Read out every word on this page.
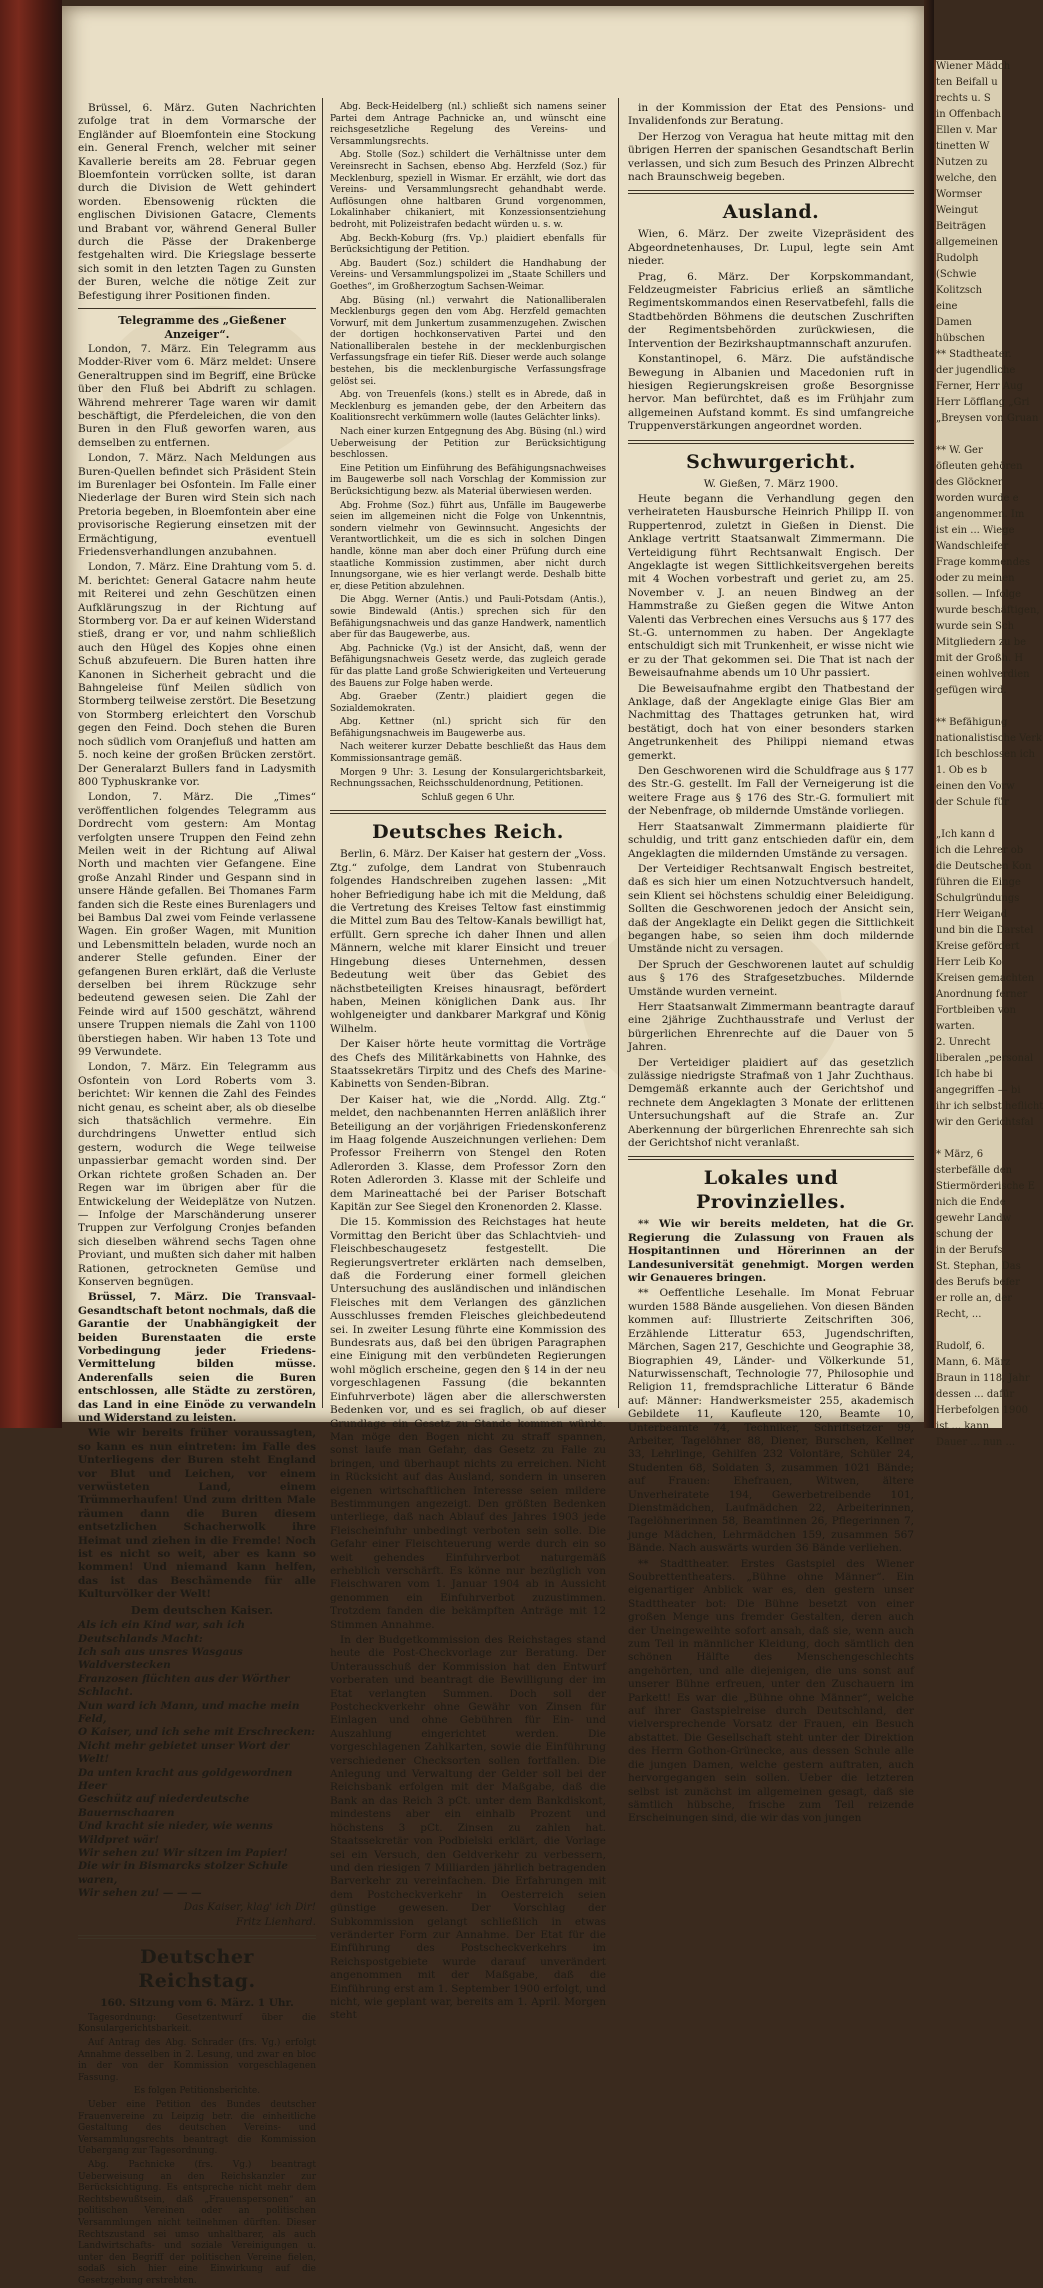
Brüssel, 6. März. Guten Nachrichten zufolge trat in dem Vormarsche der Engländer auf Bloemfontein eine Stockung ein. General French, welcher mit seiner Kavallerie bereits am 28. Februar gegen Bloemfontein vorrücken sollte, ist daran durch die Division de Wett gehindert worden. Ebensowenig rückten die englischen Divisionen Gatacre, Clements und Brabant vor, während General Buller durch die Pässe der Drakenberge festgehalten wird. Die Kriegslage besserte sich somit in den letzten Tagen zu Gunsten der Buren, welche die nötige Zeit zur Befestigung ihrer Positionen finden.

Telegramme des „Gießener Anzeiger“.

London, 7. März. Ein Telegramm aus Modder-River vom 6. März meldet: Unsere Generaltruppen sind im Begriff, eine Brücke über den Fluß bei Abdrift zu schlagen. Während mehrerer Tage waren wir damit beschäftigt, die Pferdeleichen, die von den Buren in den Fluß geworfen waren, aus demselben zu entfernen.

London, 7. März. Nach Meldungen aus Buren-Quellen befindet sich Präsident Stein im Burenlager bei Osfontein. Im Falle einer Niederlage der Buren wird Stein sich nach Pretoria begeben, in Bloemfontein aber eine provisorische Regierung einsetzen mit der Ermächtigung, eventuell Friedensverhandlungen anzubahnen.

London, 7. März. Eine Drahtung vom 5. d. M. berichtet: General Gatacre nahm heute mit Reiterei und zehn Geschützen einen Aufklärungszug in der Richtung auf Stormberg vor. Da er auf keinen Widerstand stieß, drang er vor, und nahm schließlich auch den Hügel des Kopjes ohne einen Schuß abzufeuern. Die Buren hatten ihre Kanonen in Sicherheit gebracht und die Bahngeleise fünf Meilen südlich von Stormberg teilweise zerstört. Die Besetzung von Stormberg erleichtert den Vorschub gegen den Feind. Doch stehen die Buren noch südlich vom Oranjefluß und hatten am 5. noch keine der großen Brücken zerstört. Der Generalarzt Bullers fand in Ladysmith 800 Typhuskranke vor.

London, 7. März. Die „Times“ veröffentlichen folgendes Telegramm aus Dordrecht vom gestern: Am Montag verfolgten unsere Truppen den Feind zehn Meilen weit in der Richtung auf Aliwal North und machten vier Gefangene. Eine große Anzahl Rinder und Gespann sind in unsere Hände gefallen. Bei Thomanes Farm fanden sich die Reste eines Burenlagers und bei Bambus Dal zwei vom Feinde verlassene Wagen. Ein großer Wagen, mit Munition und Lebensmitteln beladen, wurde noch an anderer Stelle gefunden. Einer der gefangenen Buren erklärt, daß die Verluste derselben bei ihrem Rückzuge sehr bedeutend gewesen seien. Die Zahl der Feinde wird auf 1500 geschätzt, während unsere Truppen niemals die Zahl von 1100 überstiegen haben. Wir haben 13 Tote und 99 Verwundete.

London, 7. März. Ein Telegramm aus Osfontein von Lord Roberts vom 3. berichtet: Wir kennen die Zahl des Feindes nicht genau, es scheint aber, als ob dieselbe sich thatsächlich vermehre. Ein durchdringens Unwetter entlud sich gestern, wodurch die Wege teilweise unpassierbar gemacht worden sind. Der Orkan richtete großen Schaden an. Der Regen war im übrigen aber für die Entwickelung der Weideplätze von Nutzen. — Infolge der Marschänderung unserer Truppen zur Verfolgung Cronjes befanden sich dieselben während sechs Tagen ohne Proviant, und mußten sich daher mit halben Rationen, getrockneten Gemüse und Konserven begnügen.

Brüssel, 7. März. Die Transvaal-Gesandtschaft betont nochmals, daß die Garantie der Unabhängigkeit der beiden Burenstaaten die erste Vorbedingung jeder Friedens-Vermittelung bilden müsse. Anderenfalls seien die Buren entschlossen, alle Städte zu zerstören, das Land in eine Einöde zu verwandeln und Widerstand zu leisten.

Wie wir bereits früher voraussagten, so kann es nun eintreten: im Falle des Unterliegens der Buren steht England vor Blut und Leichen, vor einem verwüsteten Land, einem Trümmerhaufen! Und zum dritten Male räumen dann die Buren diesem entsetzlichen Schacherwolk ihre Heimat und ziehen in die Fremde! Noch ist es nicht so weit, aber es kann so kommen! Und niemand kann helfen, das ist das Beschämende für alle Kulturvölker der Welt!

Dem deutschen Kaiser.

Als ich ein Kind war, sah ich Deutschlands Macht:

Ich sah aus unsres Wasgaus Waldverstecken

Franzosen flüchten aus der Wörther Schlacht.

Nun ward ich Mann, und mache mein Feld,

O Kaiser, und ich sehe mit Erschrecken:

Nicht mehr gebietet unser Wort der Welt!

Da unten kracht aus goldgewordnen Heer

Geschütz auf niederdeutsche Bauernschaaren

Und kracht sie nieder, wie wenns Wildpret wär!

Wir sehen zu! Wir sitzen im Papier!

Die wir in Bismarcks stolzer Schule waren,

Wir sehen zu! — — —

Das Kaiser, klag' ich Dir!

Fritz Lienhard.

Deutscher Reichstag.

160. Sitzung vom 6. März. 1 Uhr.

Tagesordnung: Gesetzentwurf über die Konsulargerichtsbarkeit.

Auf Antrag des Abg. Schrader (frs. Vg.) erfolgt Annahme desselben in 2. Lesung, und zwar en bloc in der von der Kommission vorgeschlagenen Fassung.

Es folgen Petitionsberichte.

Ueber eine Petition des Bundes deutscher Frauenvereine zu Leipzig betr. die einheitliche Gestaltung des deutschen Vereins- und Versammlungsrechts beantragt die Kommission Uebergang zur Tagesordnung.

Abg. Pachnicke (frs. Vg.) beantragt Ueberweisung an den Reichskanzler zur Berücksichtigung. Es entspreche nicht mehr dem Rechtsbewußtsein, daß „Frauenspersonen“ an politischen Vereinen oder an politischen Versammlungen nicht teilnehmen dürften. Dieser Rechtszustand sei umso unhaltbarer, als auch Landwirtschafts- und soziale Vereinigungen u. unter den Begriff der politischen Vereine fielen, sodaß sich hier eine Einwirkung auf die Gesetzgebung erstrebten.

Abg. Beck-Heidelberg (nl.) schließt sich namens seiner Partei dem Antrage Pachnicke an, und wünscht eine reichsgesetzliche Regelung des Vereins- und Versammlungsrechts.

Abg. Stolle (Soz.) schildert die Verhältnisse unter dem Vereinsrecht in Sachsen, ebenso Abg. Herzfeld (Soz.) für Mecklenburg, speziell in Wismar. Er erzählt, wie dort das Vereins- und Versammlungsrecht gehandhabt werde. Auflösungen ohne haltbaren Grund vorgenommen, Lokalinhaber chikaniert, mit Konzessionsentziehung bedroht, mit Polizeistrafen bedacht würden u. s. w.

Abg. Beckh-Koburg (frs. Vp.) plaidiert ebenfalls für Berücksichtigung der Petition.

Abg. Baudert (Soz.) schildert die Handhabung der Vereins- und Versammlungspolizei im „Staate Schillers und Goethes“, im Großherzogtum Sachsen-Weimar.

Abg. Büsing (nl.) verwahrt die Nationalliberalen Mecklenburgs gegen den vom Abg. Herzfeld gemachten Vorwurf, mit dem Junkertum zusammenzugehen. Zwischen der dortigen hochkonservativen Partei und den Nationalliberalen bestehe in der mecklenburgischen Verfassungsfrage ein tiefer Riß. Dieser werde auch solange bestehen, bis die mecklenburgische Verfassungsfrage gelöst sei.

Abg. von Treuenfels (kons.) stellt es in Abrede, daß in Mecklenburg es jemanden gebe, der den Arbeitern das Koalitionsrecht verkümmern wolle (lautes Gelächter links).

Nach einer kurzen Entgegnung des Abg. Büsing (nl.) wird Ueberweisung der Petition zur Berücksichtigung beschlossen.

Eine Petition um Einführung des Befähigungsnachweises im Baugewerbe soll nach Vorschlag der Kommission zur Berücksichtigung bezw. als Material überwiesen werden.

Abg. Frohme (Soz.) führt aus, Unfälle im Baugewerbe seien im allgemeinen nicht die Folge von Unkenntnis, sondern vielmehr von Gewinnsucht. Angesichts der Verantwortlichkeit, um die es sich in solchen Dingen handle, könne man aber doch einer Prüfung durch eine staatliche Kommission zustimmen, aber nicht durch Innungsorgane, wie es hier verlangt werde. Deshalb bitte er, diese Petition abzulehnen.

Die Abgg. Werner (Antis.) und Pauli-Potsdam (Antis.), sowie Bindewald (Antis.) sprechen sich für den Befähigungsnachweis und das ganze Handwerk, namentlich aber für das Baugewerbe, aus.

Abg. Pachnicke (Vg.) ist der Ansicht, daß, wenn der Befähigungsnachweis Gesetz werde, das zugleich gerade für das platte Land große Schwierigkeiten und Verteuerung des Bauens zur Folge haben werde.

Abg. Graeber (Zentr.) plaidiert gegen die Sozialdemokraten.

Abg. Kettner (nl.) spricht sich für den Befähigungsnachweis im Baugewerbe aus.

Nach weiterer kurzer Debatte beschließt das Haus dem Kommissionsantrage gemäß.

Morgen 9 Uhr: 3. Lesung der Konsulargerichtsbarkeit, Rechnungssachen, Reichsschuldenordnung, Petitionen.

Schluß gegen 6 Uhr.

Deutsches Reich.

Berlin, 6. März. Der Kaiser hat gestern der „Voss. Ztg.“ zufolge, dem Landrat von Stubenrauch folgendes Handschreiben zugehen lassen: „Mit hoher Befriedigung habe ich mit die Meldung, daß die Vertretung des Kreises Teltow fast einstimmig die Mittel zum Bau des Teltow-Kanals bewilligt hat, erfüllt. Gern spreche ich daher Ihnen und allen Männern, welche mit klarer Einsicht und treuer Hingebung dieses Unternehmen, dessen Bedeutung weit über das Gebiet des nächstbeteiligten Kreises hinausragt, befördert haben, Meinen königlichen Dank aus. Ihr wohlgeneigter und dankbarer Markgraf und König Wilhelm.

Der Kaiser hörte heute vormittag die Vorträge des Chefs des Militärkabinetts von Hahnke, des Staatssekretärs Tirpitz und des Chefs des Marine-Kabinetts von Senden-Bibran.

Der Kaiser hat, wie die „Nordd. Allg. Ztg.“ meldet, den nachbenannten Herren anläßlich ihrer Beteiligung an der vorjährigen Friedenskonferenz im Haag folgende Auszeichnungen verliehen: Dem Professor Freiherrn von Stengel den Roten Adlerorden 3. Klasse, dem Professor Zorn den Roten Adlerorden 3. Klasse mit der Schleife und dem Marineattaché bei der Pariser Botschaft Kapitän zur See Siegel den Kronenorden 2. Klasse.

Die 15. Kommission des Reichstages hat heute Vormittag den Bericht über das Schlachtvieh- und Fleischbeschaugesetz festgestellt. Die Regierungsvertreter erklärten nach demselben, daß die Forderung einer formell gleichen Untersuchung des ausländischen und inländischen Fleisches mit dem Verlangen des gänzlichen Ausschlusses fremden Fleisches gleichbedeutend sei. In zweiter Lesung führte eine Kommission des Bundesrats aus, daß bei den übrigen Paragraphen eine Einigung mit den verbündeten Regierungen wohl möglich erscheine, gegen den § 14 in der neu vorgeschlagenen Fassung (die bekannten Einfuhrverbote) lägen aber die allerschwersten Bedenken vor, und es sei fraglich, ob auf dieser Grundlage ein Gesetz zu Stande kommen würde. Man möge den Bogen nicht zu straff spannen, sonst laufe man Gefahr, das Gesetz zu Falle zu bringen, und überhaupt nichts zu erreichen. Nicht in Rücksicht auf das Ausland, sondern in unseren eigenen wirtschaftlichen Interesse seien mildere Bestimmungen angezeigt. Den größten Bedenken unterliege, daß nach Ablauf des Jahres 1903 jede Fleischeinfuhr unbedingt verboten sein solle. Die Gefahr einer Fleischteuerung werde durch ein so weit gehendes Einfuhrverbot naturgemäß erheblich verschärft. Es könne nur bezüglich von Fleischwaren vom 1. Januar 1904 ab in Aussicht genommen ein Einfuhrverbot zuzustimmen. Trotzdem fanden die bekämpften Anträge mit 12 Stimmen Annahme.

In der Budgetkommission des Reichstages stand heute die Post-Checkvorlage zur Beratung. Der Unterausschuß der Kommission hat den Entwurf vorberaten und beantragt die Bewilligung der im Etat verlangten Summen. Doch soll der Postcheckverkehr ohne Gewähr von Zinsen für Einlagen und ohne Gebühren für Ein- und Auszahlung eingerichtet werden. Die vorgeschlagenen Zahlkarten, sowie die Einführung verschiedener Checksorten sollen fortfallen. Die Anlegung und Verwaltung der Gelder soll bei der Reichsbank erfolgen mit der Maßgabe, daß die Bank an das Reich 3 pCt. unter dem Bankdiskont, mindestens aber ein einhalb Prozent und höchstens 3 pCt. Zinsen zu zahlen hat. Staatssekretär von Podbielski erklärt, die Vorlage sei ein Versuch, den Geldverkehr zu verbessern, und den riesigen 7 Milliarden jährlich betragenden Barverkehr zu vereinfachen. Die Erfahrungen mit dem Postcheckverkehr in Oesterreich seien günstige gewesen. Der Vorschlag der Subkommission gelangt schließlich in etwas veränderter Form zur Annahme. Der Etat für die Einführung des Postscheckverkehrs im Reichspostgebiete wurde darauf unverändert angenommen mit der Maßgabe, daß die Einführung erst am 1. September 1900 erfolgt, und nicht, wie geplant war, bereits am 1. April. Morgen steht

in der Kommission der Etat des Pensions- und Invalidenfonds zur Beratung.

Der Herzog von Veragua hat heute mittag mit den übrigen Herren der spanischen Gesandtschaft Berlin verlassen, und sich zum Besuch des Prinzen Albrecht nach Braunschweig begeben.

Ausland.

Wien, 6. März. Der zweite Vizepräsident des Abgeordnetenhauses, Dr. Lupul, legte sein Amt nieder.

Prag, 6. März. Der Korpskommandant, Feldzeugmeister Fabricius erließ an sämtliche Regimentskommandos einen Reservatbefehl, falls die Stadtbehörden Böhmens die deutschen Zuschriften der Regimentsbehörden zurückwiesen, die Intervention der Bezirkshauptmannschaft anzurufen.

Konstantinopel, 6. März. Die aufständische Bewegung in Albanien und Macedonien ruft in hiesigen Regierungskreisen große Besorgnisse hervor. Man befürchtet, daß es im Frühjahr zum allgemeinen Aufstand kommt. Es sind umfangreiche Truppenverstärkungen angeordnet worden.

Schwurgericht.

W. Gießen, 7. März 1900.

Heute begann die Verhandlung gegen den verheirateten Hausbursche Heinrich Philipp II. von Ruppertenrod, zuletzt in Gießen in Dienst. Die Anklage vertritt Staatsanwalt Zimmermann. Die Verteidigung führt Rechtsanwalt Engisch. Der Angeklagte ist wegen Sittlichkeitsvergehen bereits mit 4 Wochen vorbestraft und geriet zu, am 25. November v. J. an neuen Bindweg an der Hammstraße zu Gießen gegen die Witwe Anton Valenti das Verbrechen eines Versuchs aus § 177 des St.-G. unternommen zu haben. Der Angeklagte entschuldigt sich mit Trunkenheit, er wisse nicht wie er zu der That gekommen sei. Die That ist nach der Beweisaufnahme abends um 10 Uhr passiert.

Die Beweisaufnahme ergibt den Thatbestand der Anklage, daß der Angeklagte einige Glas Bier am Nachmittag des Thattages getrunken hat, wird bestätigt, doch hat von einer besonders starken Angetrunkenheit des Philippi niemand etwas gemerkt.

Den Geschworenen wird die Schuldfrage aus § 177 des Str.-G. gestellt. Im Fall der Verneigerung ist die weitere Frage aus § 176 des Str.-G. formuliert mit der Nebenfrage, ob mildernde Umstände vorliegen.

Herr Staatsanwalt Zimmermann plaidierte für schuldig, und tritt ganz entschieden dafür ein, dem Angeklagten die mildernden Umstände zu versagen.

Der Verteidiger Rechtsanwalt Engisch bestreitet, daß es sich hier um einen Notzuchtversuch handelt, sein Klient sei höchstens schuldig einer Beleidigung. Sollten die Geschworenen jedoch der Ansicht sein, daß der Angeklagte ein Delikt gegen die Sittlichkeit begangen habe, so seien ihm doch mildernde Umstände nicht zu versagen.

Der Spruch der Geschworenen lautet auf schuldig aus § 176 des Strafgesetzbuches. Mildernde Umstände wurden verneint.

Herr Staatsanwalt Zimmermann beantragte darauf eine 2jährige Zuchthausstrafe und Verlust der bürgerlichen Ehrenrechte auf die Dauer von 5 Jahren.

Der Verteidiger plaidiert auf das gesetzlich zulässige niedrigste Strafmaß von 1 Jahr Zuchthaus. Demgemäß erkannte auch der Gerichtshof und rechnete dem Angeklagten 3 Monate der erlittenen Untersuchungshaft auf die Strafe an. Zur Aberkennung der bürgerlichen Ehrenrechte sah sich der Gerichtshof nicht veranlaßt.

Lokales und Provinzielles.

** Wie wir bereits meldeten, hat die Gr. Regierung die Zulassung von Frauen als Hospitantinnen und Hörerinnen an der Landesuniversität genehmigt. Morgen werden wir Genaueres bringen.

** Oeffentliche Lesehalle. Im Monat Februar wurden 1588 Bände ausgeliehen. Von diesen Bänden kommen auf: Illustrierte Zeitschriften 306, Erzählende Litteratur 653, Jugendschriften, Märchen, Sagen 217, Geschichte und Geographie 38, Biographien 49, Länder- und Völkerkunde 51, Naturwissenschaft, Technologie 77, Philosophie und Religion 11, fremdsprachliche Litteratur 6 Bände auf: Männer: Handwerksmeister 255, akademisch Gebildete 11, Kaufleute 120, Beamte 10, Unterbeamte 74, Techniker, Schriftsetzer 99, Arbeiter, Tagelöhner 88, Diener, Burschen, Kellner 33, Lehrlinge, Gehilfen 232 Volontäre, Schüler 24, Studenten 68, Soldaten 3, zusammen 1021 Bände; auf Frauen: Ehefrauen, Witwen, ältere Unverheiratete 194, Gewerbetreibende 101, Dienstmädchen, Laufmädchen 22, Arbeiterinnen, Tagelöhnerinnen 58, Beamtinnen 26, Pflegerinnen 7, junge Mädchen, Lehrmädchen 159, zusammen 567 Bände. Nach auswärts wurden 36 Bände verliehen.

** Stadttheater. Erstes Gastspiel des Wiener Soubrettentheaters. „Bühne ohne Männer“. Ein eigenartiger Anblick war es, den gestern unser Stadttheater bot: Die Bühne besetzt von einer großen Menge uns fremder Gestalten, deren auch der Uneingeweihte sofort ansah, daß sie, wenn auch zum Teil in männlicher Kleidung, doch sämtlich den schönen Hälfte des Menschengeschlechts angehörten, und alle diejenigen, die uns sonst auf unserer Bühne erfreuen, unter den Zuschauern im Parkett! Es war die „Bühne ohne Männer“, welche auf ihrer Gastspielreise durch Deutschland, der vielversprechende Vorsatz der Frauen, ein Besuch abstattet. Die Gesellschaft steht unter der Direktion des Herrn Gothon-Grünecke, aus dessen Schule alle die jungen Damen, welche gestern auftraten, auch hervorgegangen sein sollen. Ueber die letzteren selbst ist zunächst im allgemeinen gesagt, daß sie sämtlich hübsche, frische zum Teil reizende Erscheinungen sind, die wir das von jungen

Wiener Mädch

ten Beifall u

rechts u. S

in Offenbach

Ellen v. Mar

tinetten W

Nutzen zu

welche, den

Wormser

Weingut

Beiträgen

allgemeinen

Rudolph

(Schwie

Kolitzsch

eine

Damen

hübschen

** Stadtheater.

der jugendliche

Ferner, Herr Aug

Herr Löfflang „Gri

„Breysen von Gruan

** W. Ger

öfleuten gehören

des Glöckner

worden wurde e

angenommen. Im

ist ein ... Wiege

Wandschleifer

Frage kommendes

oder zu meinen

sollen. — Infolge

wurde beschäftigen,

wurde sein Sch

Mitgliedern zu be

mit der Großh. H

einen wohlverdien

gefügen wird.

** Befähigung

nationalistische Verk

Ich beschlossen ich

1. Ob es b

einen den Vorw

der Schule für

„Ich kann d

ich die Lehrer ob

die Deutschen Kon

führen die Einge

Schulgründungs

Herr Weigand

und bin die Darstel

Kreise gefördert

Herr Leib Ko

Kreisen gemachten

Anordnung ferner

Fortbleiben von

warten.

2. Unrecht

liberalen „personal

Ich habe bi

angegriffen — bi

ihr ich selbst heflicht

wir den Gerichtsfal

* März, 6

sterbefälle den

Stiermörderische E

nich die Ende

gewehr Landw

schung der

in der Berufs

St. Stephan, Das

des Berufs befer

er rolle an, der

Recht, ...

Rudolf, 6.

Mann, 6. März

Braun in 118, Jahr

dessen ... dafür

Herbefolgen 1900

ist ... kann

Dauer ... nun ...
